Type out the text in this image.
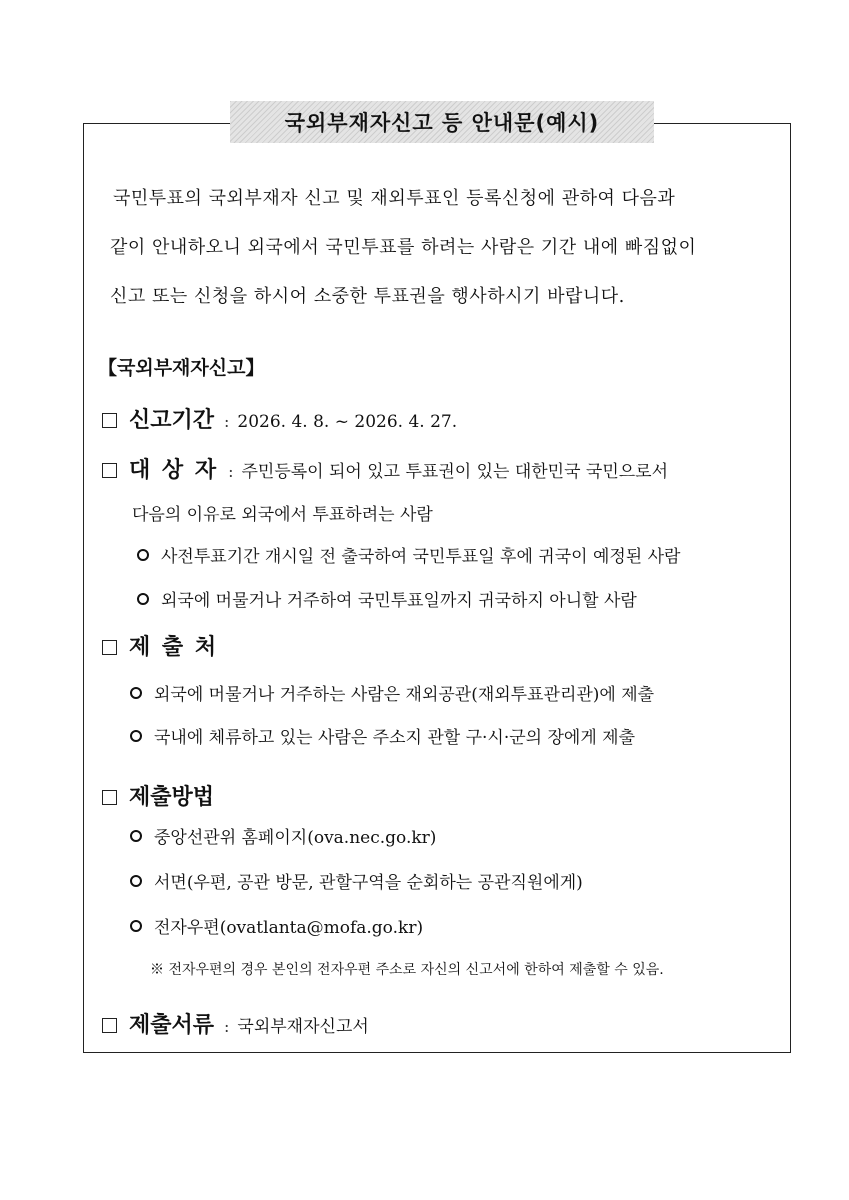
국외부재자신고 등 안내문(예시)
국민투표의 국외부재자 신고 및 재외투표인 등록신청에 관하여 다음과
같이 안내하오니 외국에서 국민투표를 하려는 사람은 기간 내에 빠짐없이
신고 또는 신청을 하시어 소중한 투표권을 행사하시기 바랍니다.
【국외부재자신고】
신고기간 : 2026. 4. 8. ~ 2026. 4. 27.
대 상 자 : 주민등록이 되어 있고 투표권이 있는 대한민국 국민으로서
다음의 이유로 외국에서 투표하려는 사람
사전투표기간 개시일 전 출국하여 국민투표일 후에 귀국이 예정된 사람
외국에 머물거나 거주하여 국민투표일까지 귀국하지 아니할 사람
제 출 처
외국에 머물거나 거주하는 사람은 재외공관(재외투표관리관)에 제출
국내에 체류하고 있는 사람은 주소지 관할 구·시·군의 장에게 제출
제출방법
중앙선관위 홈페이지(ova.nec.go.kr)
서면(우편, 공관 방문, 관할구역을 순회하는 공관직원에게)
전자우편(ovatlanta@mofa.go.kr)
※ 전자우편의 경우 본인의 전자우편 주소로 자신의 신고서에 한하여 제출할 수 있음.
제출서류 : 국외부재자신고서
